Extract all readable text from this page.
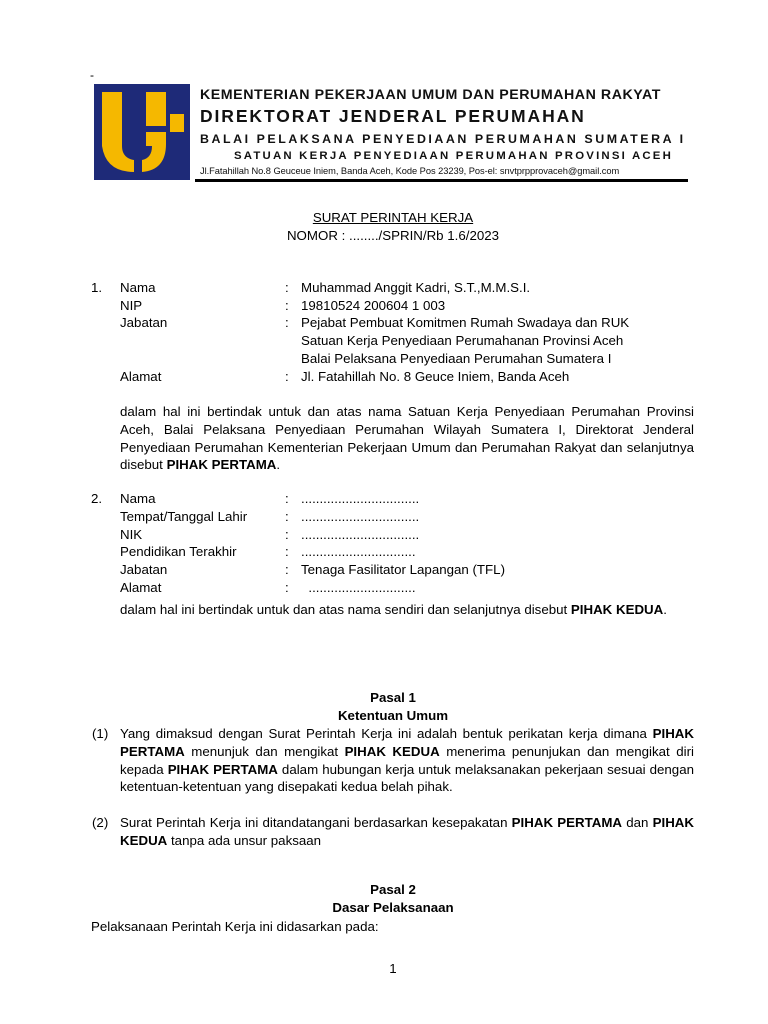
-
KEMENTERIAN PEKERJAAN UMUM DAN PERUMAHAN RAKYAT
DIREKTORAT JENDERAL PERUMAHAN
BALAI PELAKSANA PENYEDIAAN PERUMAHAN SUMATERA I
SATUAN KERJA PENYEDIAAN PERUMAHAN PROVINSI ACEH
Jl.Fatahillah No.8 Geuceue Iniem, Banda Aceh, Kode Pos 23239, Pos-el: snvtprpprovaceh@gmail.com
SURAT PERINTAH KERJA
NOMOR : ......../SPRIN/Rb 1.6/2023
1. Nama	: Muhammad Anggit Kadri, S.T.,M.M.S.I.
NIP	: 19810524 200604 1 003
Jabatan	: Pejabat Pembuat Komitmen Rumah Swadaya dan RUK
Satuan Kerja Penyediaan Perumahanan Provinsi Aceh
Balai Pelaksana Penyediaan Perumahan Sumatera I
Alamat	: Jl. Fatahillah No. 8 Geuce Iniem, Banda Aceh
dalam hal ini bertindak untuk dan atas nama Satuan Kerja Penyediaan Perumahan Provinsi Aceh, Balai Pelaksana Penyediaan Perumahan Wilayah Sumatera I, Direktorat Jenderal Penyediaan Perumahan Kementerian Pekerjaan Umum dan Perumahan Rakyat dan selanjutnya disebut PIHAK PERTAMA.
2. Nama	: ................................
Tempat/Tanggal Lahir	: ................................
NIK	: ................................
Pendidikan Terakhir	: ...............................
Jabatan	: Tenaga Fasilitator Lapangan (TFL)
Alamat	: .............................
dalam hal ini bertindak untuk dan atas nama sendiri dan selanjutnya disebut PIHAK KEDUA.
Pasal 1
Ketentuan Umum
(1) Yang dimaksud dengan Surat Perintah Kerja ini adalah bentuk perikatan kerja dimana PIHAK PERTAMA menunjuk dan mengikat PIHAK KEDUA menerima penunjukan dan mengikat diri kepada PIHAK PERTAMA dalam hubungan kerja untuk melaksanakan pekerjaan sesuai dengan ketentuan-ketentuan yang disepakati kedua belah pihak.
(2) Surat Perintah Kerja ini ditandatangani berdasarkan kesepakatan PIHAK PERTAMA dan PIHAK KEDUA tanpa ada unsur paksaan
Pasal 2
Dasar Pelaksanaan
Pelaksanaan Perintah Kerja ini didasarkan pada:
1
